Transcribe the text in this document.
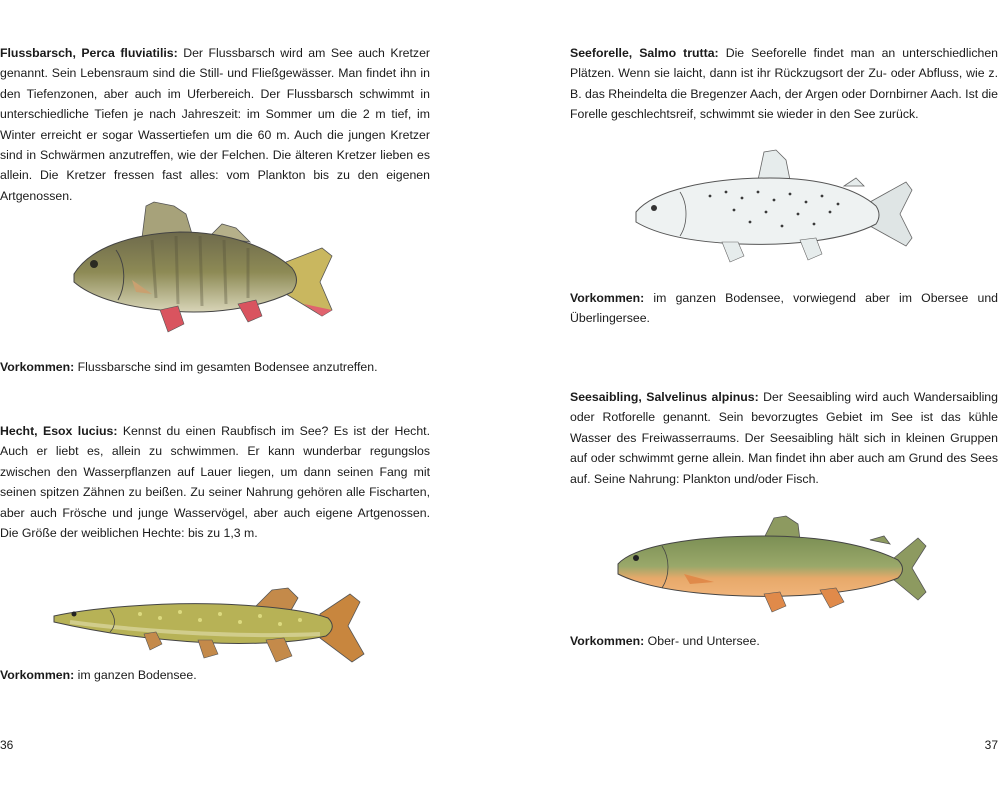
Flussbarsch, Perca fluviatilis: Der Flussbarsch wird am See auch Kretzer genannt. Sein Lebensraum sind die Still- und Fließgewässer. Man findet ihn in den Tiefenzonen, aber auch im Uferbereich. Der Flussbarsch schwimmt in unterschiedliche Tiefen je nach Jahreszeit: im Sommer um die 2 m tief, im Winter erreicht er sogar Wassertiefen um die 60 m. Auch die jungen Kretzer sind in Schwärmen anzutreffen, wie der Felchen. Die älteren Kretzer lieben es allein. Die Kretzer fressen fast alles: vom Plankton bis zu den eigenen Artgenossen.

Vorkommen: Flussbarsche sind im gesamten Bodensee anzutreffen.

Hecht, Esox lucius: Kennst du einen Raubfisch im See? Es ist der Hecht. Auch er liebt es, allein zu schwimmen. Er kann wunderbar regungslos zwischen den Wasserpflanzen auf Lauer liegen, um dann seinen Fang mit seinen spitzen Zähnen zu beißen. Zu seiner Nahrung gehören alle Fischarten, aber auch Frösche und junge Wasservögel, aber auch eigene Artgenossen. Die Größe der weiblichen Hechte: bis zu 1,3 m.

Vorkommen: im ganzen Bodensee.

36

Seeforelle, Salmo trutta: Die Seeforelle findet man an unterschiedlichen Plätzen. Wenn sie laicht, dann ist ihr Rückzugsort der Zu- oder Abfluss, wie z. B. das Rheindelta die Bregenzer Aach, der Argen oder Dornbirner Aach. Ist die Forelle geschlechtsreif, schwimmt sie wieder in den See zurück.

Vorkommen: im ganzen Bodensee, vorwiegend aber im Obersee und Überlingersee.

Seesaibling, Salvelinus alpinus: Der Seesaibling wird auch Wandersaibling oder Rotforelle genannt. Sein bevorzugtes Gebiet im See ist das kühle Wasser des Freiwasserraums. Der Seesaibling hält sich in kleinen Gruppen auf oder schwimmt gerne allein. Man findet ihn aber auch am Grund des Sees auf. Seine Nahrung: Plankton und/oder Fisch.

Vorkommen: Ober- und Untersee.

37
